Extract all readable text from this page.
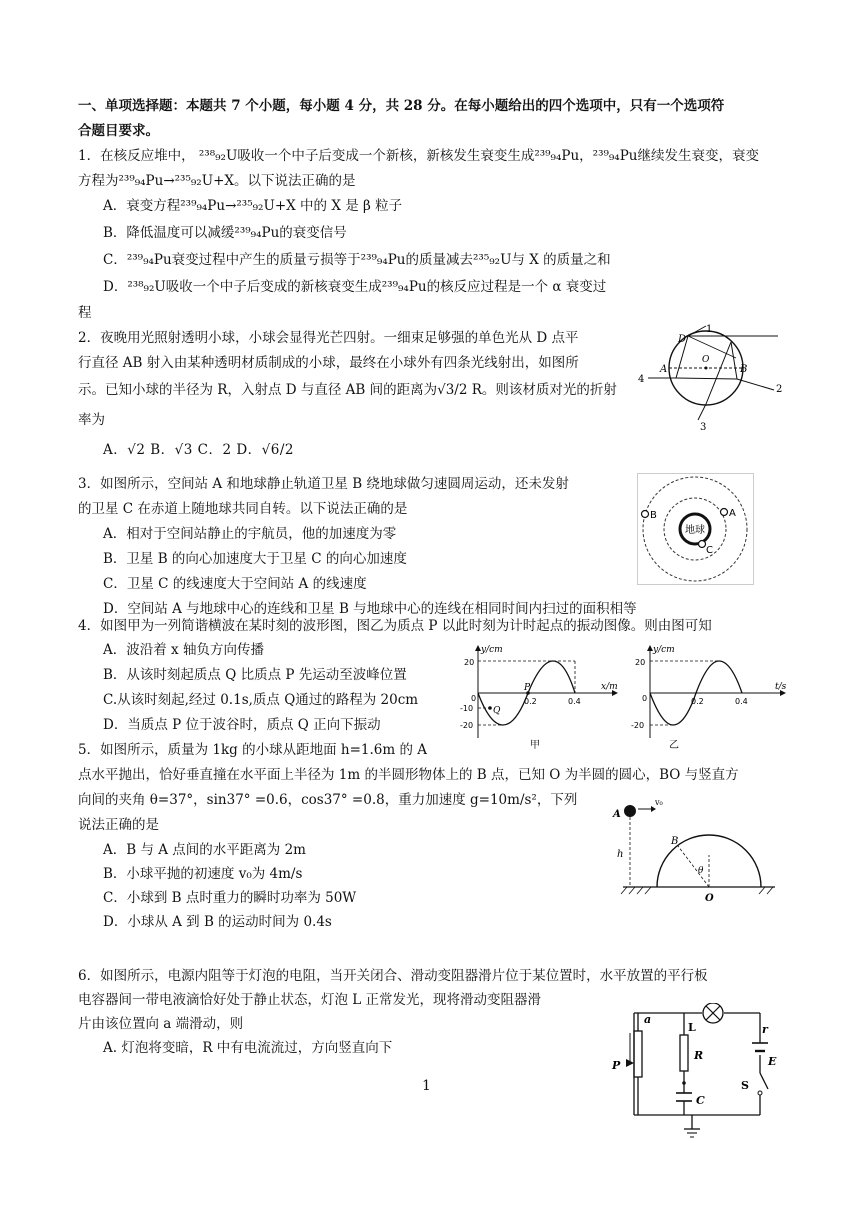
一、单项选择题：本题共 7 个小题，每小题 4 分，共 28 分。在每小题给出的四个选项中，只有一个选项符
合题目要求。
1．在核反应堆中， ²³⁸₉₂U吸收一个中子后变成一个新核，新核发生衰变生成²³⁹₉₄Pu，²³⁹₉₄Pu继续发生衰变，衰变
方程为²³⁹₉₄Pu→²³⁵₉₂U+X。以下说法正确的是
A．衰变方程²³⁹₉₄Pu→²³⁵₉₂U+X 中的 X 是 β 粒子
B．降低温度可以减缓²³⁹₉₄Pu的衰变信号
C．²³⁹₉₄Pu衰变过程中产生的质量亏损等于²³⁹₉₄Pu的质量减去²³⁵₉₂U与 X 的质量之和
D．²³⁸₉₂U吸收一个中子后变成的新核衰变生成²³⁹₉₄Pu的核反应过程是一个 α 衰变过
程
2．夜晚用光照射透明小球，小球会显得光芒四射。一细束足够强的单色光从 D 点平
行直径 AB 射入由某种透明材质制成的小球，最终在小球外有四条光线射出，如图所
示。已知小球的半径为 R，入射点 D 与直径 AB 间的距离为√3/2 R。则该材质对光的折射
率为
A．√2 B．√3 C．2 D．√6/2
1
2
3
4
D
A
O
B
3．如图所示，空间站 A 和地球静止轨道卫星 B 绕地球做匀速圆周运动，还未发射
的卫星 C 在赤道上随地球共同自转。以下说法正确的是
A．相对于空间站静止的宇航员，他的加速度为零
B．卫星 B 的向心加速度大于卫星 C 的向心加速度
C．卫星 C 的线速度大于空间站 A 的线速度
D．空间站 A 与地球中心的连线和卫星 B 与地球中心的连线在相同时间内扫过的面积相等
地球
B	A
C
4．如图甲为一列简谐横波在某时刻的波形图，图乙为质点 P 以此时刻为计时起点的振动图像。则由图可知
A．波沿着 x 轴负方向传播
B．从该时刻起质点 Q 比质点 P 先运动至波峰位置
C.从该时刻起,经过 0.1s,质点 Q通过的路程为 20cm
D．当质点 P 位于波谷时，质点 Q 正向下振动
y/cm
x/m
20
-10
-20
0	0.2	0.4
P
Q
甲
y/cm
t/s
20
-20
0	0.2	0.4
乙
5．如图所示，质量为 1kg 的小球从距地面 h=1.6m 的 A
点水平抛出，恰好垂直撞在水平面上半径为 1m 的半圆形物体上的 B 点，已知 O 为半圆的圆心，BO 与竖直方
向间的夹角 θ=37°，sin37° =0.6，cos37° =0.8，重力加速度 g=10m/s²，下列
说法正确的是
A．B 与 A 点间的水平距离为 2m
B．小球平抛的初速度 v₀为 4m/s
C．小球到 B 点时重力的瞬时功率为 50W
D．小球从 A 到 B 的运动时间为 0.4s
A
v₀
h
B
θ
O
6．如图所示，电源内阻等于灯泡的电阻，当开关闭合、滑动变阻器滑片位于某位置时，水平放置的平行板
电容器间一带电液滴恰好处于静止状态，灯泡 L 正常发光，现将滑动变阻器滑
片由该位置向 a 端滑动，则
A. 灯泡将变暗，R 中有电流流过，方向竖直向下
a
L	r
R	E
P
S
C
1
